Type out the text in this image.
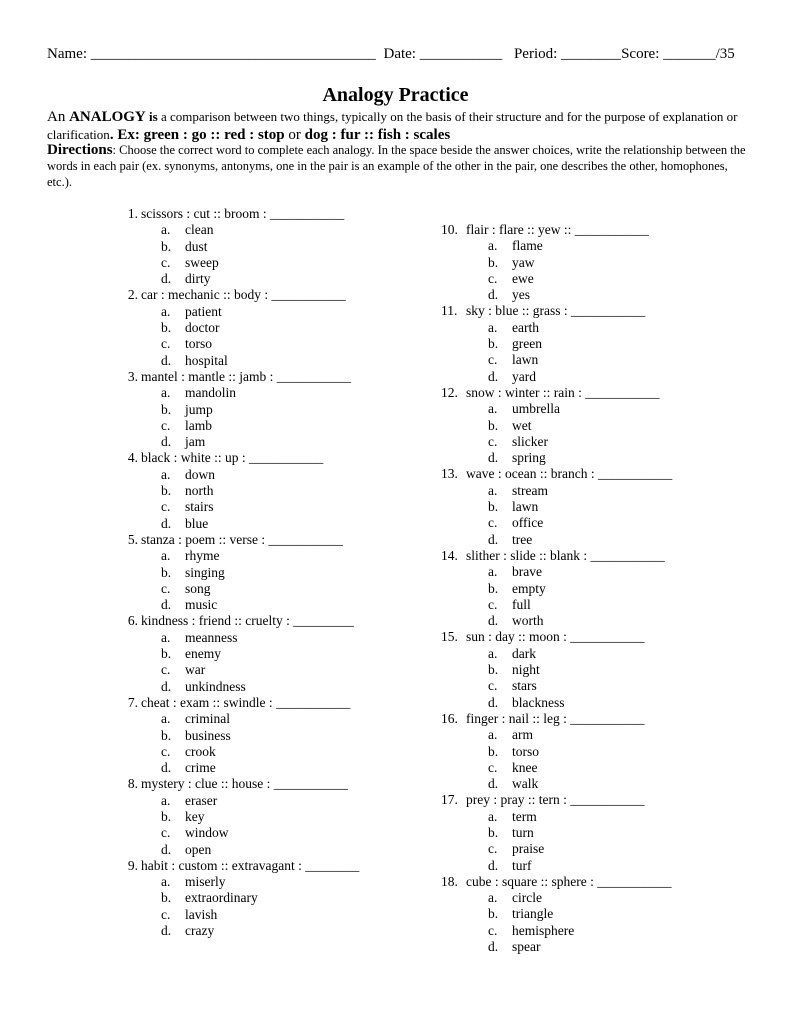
Name: ______________________________________ Date: ___________ Period: ________Score: _______/35
Analogy Practice
An ANALOGY is a comparison between two things, typically on the basis of their structure and for the purpose of explanation or clarification. Ex: green : go :: red : stop or dog : fur :: fish : scales
Directions: Choose the correct word to complete each analogy. In the space beside the answer choices, write the relationship between the words in each pair (ex. synonyms, antonyms, one in the pair is an example of the other in the pair, one describes the other, homophones, etc.).
1. scissors : cut :: broom : ___________
a. clean
b. dust
c. sweep
d. dirty
2. car : mechanic :: body : ___________
a. patient
b. doctor
c. torso
d. hospital
3. mantel : mantle :: jamb : ___________
a. mandolin
b. jump
c. lamb
d. jam
4. black : white :: up : ___________
a. down
b. north
c. stairs
d. blue
5. stanza : poem :: verse : ___________
a. rhyme
b. singing
c. song
d. music
6. kindness : friend :: cruelty : _________
a. meanness
b. enemy
c. war
d. unkindness
7. cheat : exam :: swindle : ___________
a. criminal
b. business
c. crook
d. crime
8. mystery : clue :: house : ___________
a. eraser
b. key
c. window
d. open
9. habit : custom :: extravagant : ________
a. miserly
b. extraordinary
c. lavish
d. crazy
10. flair : flare :: yew :: ___________
a. flame
b. yaw
c. ewe
d. yes
11. sky : blue :: grass : ___________
a. earth
b. green
c. lawn
d. yard
12. snow : winter :: rain : ___________
a. umbrella
b. wet
c. slicker
d. spring
13. wave : ocean :: branch : ___________
a. stream
b. lawn
c. office
d. tree
14. slither : slide :: blank : ___________
a. brave
b. empty
c. full
d. worth
15. sun : day :: moon : ___________
a. dark
b. night
c. stars
d. blackness
16. finger : nail :: leg : ___________
a. arm
b. torso
c. knee
d. walk
17. prey : pray :: tern : ___________
a. term
b. turn
c. praise
d. turf
18. cube : square :: sphere : ___________
a. circle
b. triangle
c. hemisphere
d. spear
